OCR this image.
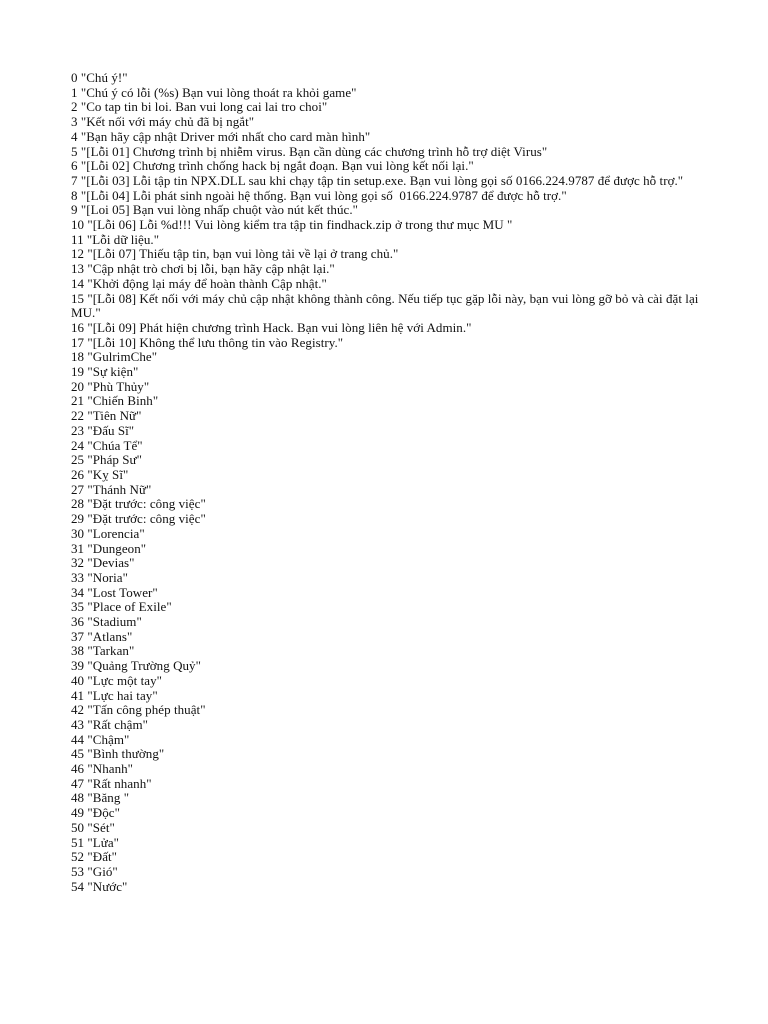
0 "Chú ý!"
1 "Chú ý có lỗi (%s) Bạn vui lòng thoát ra khỏi game"
2 "Co tap tin bi loi. Ban vui long cai lai tro choi"
3 "Kết nối với máy chủ đã bị ngắt"
4 "Bạn hãy cập nhật Driver mới nhất cho card màn hình"
5 "[Lỗi 01] Chương trình bị nhiễm virus. Bạn cần dùng các chương trình hỗ trợ diệt Virus"
6 "[Lỗi 02] Chương trình chống hack bị ngắt đoạn. Bạn vui lòng kết nối lại."
7 "[Lỗi 03] Lỗi tập tin NPX.DLL sau khi chạy tập tin setup.exe. Bạn vui lòng gọi số 0166.224.9787 để được hỗ trợ."
8 "[Lỗi 04] Lỗi phát sinh ngoài hệ thống. Bạn vui lòng gọi số  0166.224.9787 để được hỗ trợ."
9 "[Loi 05] Bạn vui lòng nhấp chuột vào nút kết thúc."
10 "[Lỗi 06] Lỗi %d!!! Vui lòng kiểm tra tập tin findhack.zip ở trong thư mục MU "
11 "Lỗi dữ liệu."
12 "[Lỗi 07] Thiếu tập tin, bạn vui lòng tải về lại ở trang chủ."
13 "Cập nhật trò chơi bị lỗi, bạn hãy cập nhật lại."
14 "Khởi động lại máy để hoàn thành Cập nhật."
15 "[Lỗi 08] Kết nối với máy chủ cập nhật không thành công. Nếu tiếp tục gặp lỗi này, bạn vui lòng gỡ bỏ và cài đặt lại MU."
16 "[Lỗi 09] Phát hiện chương trình Hack. Bạn vui lòng liên hệ với Admin."
17 "[Lỗi 10] Không thể lưu thông tin vào Registry."
18 "GulrimChe"
19 "Sự kiện"
20 "Phù Thủy"
21 "Chiến Binh"
22 "Tiên Nữ"
23 "Đấu Sĩ"
24 "Chúa Tể"
25 "Pháp Sư"
26 "Kỵ Sĩ"
27 "Thánh Nữ"
28 "Đặt trước: công việc"
29 "Đặt trước: công việc"
30 "Lorencia"
31 "Dungeon"
32 "Devias"
33 "Noria"
34 "Lost Tower"
35 "Place of Exile"
36 "Stadium"
37 "Atlans"
38 "Tarkan"
39 "Quảng Trường Quỷ"
40 "Lực một tay"
41 "Lực hai tay"
42 "Tấn công phép thuật"
43 "Rất chậm"
44 "Chậm"
45 "Bình thường"
46 "Nhanh"
47 "Rất nhanh"
48 "Băng "
49 "Độc"
50 "Sét"
51 "Lửa"
52 "Đất"
53 "Gió"
54 "Nước"
